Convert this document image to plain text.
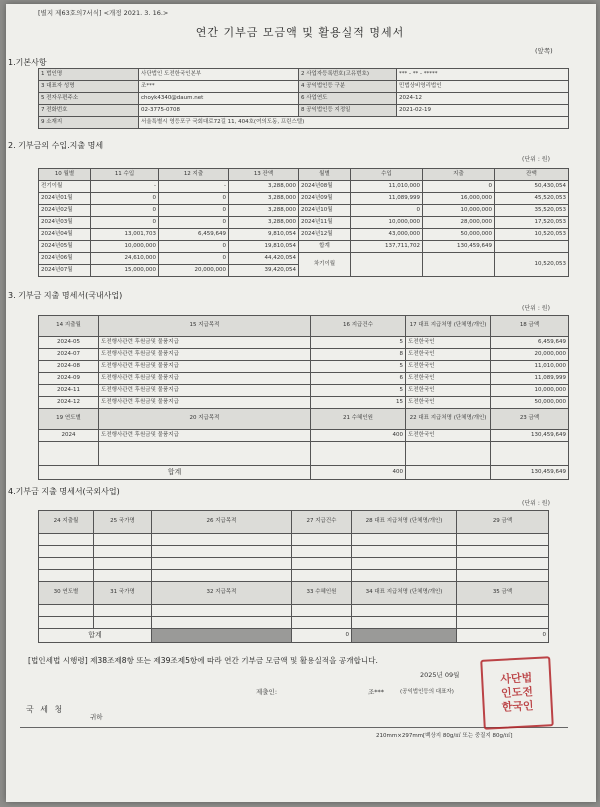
[별지 제63호의7서식] <개정 2021. 3. 16.>
연간 기부금 모금액 및 활용실적 명세서
(앞쪽)
1.기본사항
1 법인명	사단법인 도전한국인본부	2 사업자등록번호(고유번호)	*** - ** - *****
3 대표자 성명	조***	4 공익법인등 구분	민법상비영리법인
5 전자우편주소	choyk4340@daum.net	6 사업연도	2024-12
7 전화번호	02-3775-0708	8 공익법인등 지정일	2021-02-19
9 소재지	서울특별시 영등포구 국회대로72길 11, 404호(여의도동, 프린스텔)		
2. 기부금의 수입.지출 명세
(단위 : 원)
10 월별	11 수입	12 지출	13 잔액	월별	수입	지출	잔액
전기이월	-	-	3,288,000	2024년08월	11,010,000	0	50,430,054
2024년01월	0	0	3,288,000	2024년09월	11,089,999	16,000,000	45,520,053
2024년02월	0	0	3,288,000	2024년10월	0	10,000,000	35,520,053
2024년03월	0	0	3,288,000	2024년11월	10,000,000	28,000,000	17,520,053
2024년04월	13,001,703	6,459,649	9,810,054	2024년12월	43,000,000	50,000,000	10,520,053
2024년05월	10,000,000	0	19,810,054	합계	137,711,702	130,459,649	
2024년06월	24,610,000	0	44,420,054	차기이월			10,520,053
2024년07월	15,000,000	20,000,000	39,420,054				
3. 기부금 지출 명세서(국내사업)
(단위 : 원)
14 지출월	15 지급목적	16 지급건수	17 대표 지급처명 (단체명/개인)	18 금액
2024-05	도전행사관련 후원금및 물품지급	5	도전한국인	6,459,649
2024-07	도전행사관련 후원금및 물품지급	8	도전한국인	20,000,000
2024-08	도전행사관련 후원금및 물품지급	5	도전한국인	11,010,000
2024-09	도전행사관련 후원금및 물품지급	6	도전한국인	11,089,999
2024-11	도전행사관련 후원금및 물품지급	5	도전한국인	10,000,000
2024-12	도전행사관련 후원금및 물품지급	15	도전한국인	50,000,000
19 연도별	20 지급목적	21 수혜인원	22 대표 지급처명 (단체명/개인)	23 금액
2024	도전행사관련 후원금및 물품지급	400	도전한국인	130,459,649

합계		400		130,459,649
4.기부금 지출 명세서(국외사업)
(단위 : 원)
24 지출월	25 국가명	26 지급목적	27 지급건수	28 대표 지급처명 (단체명/개인)	29 금액

30 연도별	31 국가명	32 지급목적	33 수혜인원	34 대표 지급처명 (단체명/개인)	35 금액

합계			0		0
[법인세법 시행령] 제38조제8항 또는 제39조제5항에 따라 연간 기부금 모금액 및 활용실적을 공개합니다.
2025년 09월
제출인:	조***	(공익법인등의 대표자)
국 세 청
귀하
210mm×297mm[백상지 80g/㎡ 또는 중질지 80g/㎡]
사단법
인도전
한국인
